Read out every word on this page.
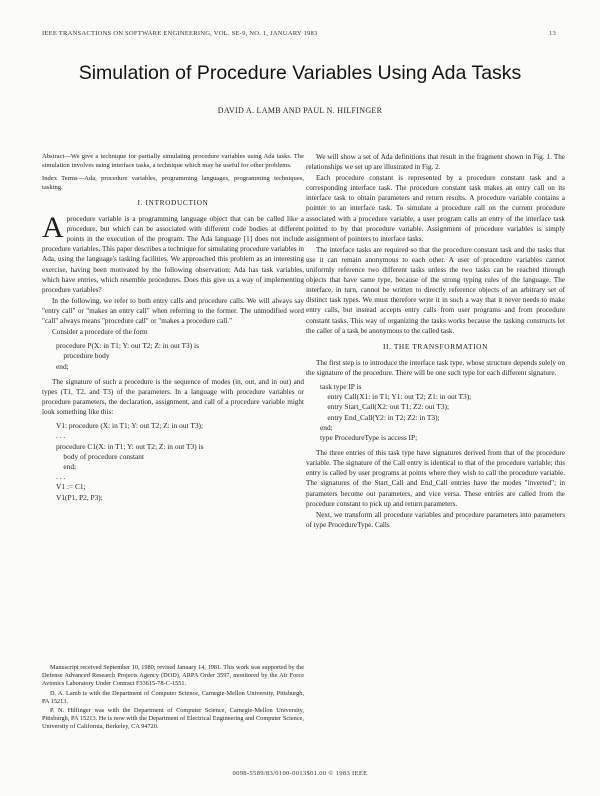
IEEE TRANSACTIONS ON SOFTWARE ENGINEERING, VOL. SE-9, NO. 1, JANUARY 1983	13
Simulation of Procedure Variables Using Ada Tasks
DAVID A. LAMB AND PAUL N. HILFINGER

Abstract—We give a technique for partially simulating procedure variables using Ada tasks. The simulation involves using interface tasks, a technique which may be useful for other problems.

Index Terms—Ada, procedure variables, programming languages, programming techniques, tasking.

I. INTRODUCTION

Aprocedure variable is a programming language object that can be called like a procedure, but which can be associated with different code bodies at different points in the execution of the program. The Ada language [1] does not include procedure variables. This paper describes a technique for simulating procedure variables in Ada, using the language's tasking facilities. We approached this problem as an interesting exercise, having been motivated by the following observation: Ada has task variables, which have entries, which resemble procedures. Does this give us a way of implementing procedure variables?

In the following, we refer to both entry calls and procedure calls. We will always say "entry call" or "makes an entry call" when referring to the former. The unmodified word "call" always means "procedure call" or "makes a procedure call."

Consider a procedure of the form

procedure P(X: in T1; Y: out T2; Z: in out T3) is
procedure body
end;

The signature of such a procedure is the sequence of modes (in, out, and in out) and types (T1, T2, and T3) of the parameters. In a language with procedure variables or procedure parameters, the declaration, assignment, and call of a procedure variable might look something like this:

V1: procedure (X: in T1; Y: out T2; Z: in out T3);
. . .
procedure C1(X: in T1; Y: out T2; Z: in out T3) is
body of procedure constant
end;
. . .
V1 := C1;
V1(P1, P2, P3);

Manuscript received September 10, 1980; revised January 14, 1981. This work was supported by the Defense Advanced Research Projects Agency (DOD), ARPA Order 3597, monitored by the Air Force Avionics Laboratory Under Contract F33615-78-C-1551.

D. A. Lamb is with the Department of Computer Science, Carnegie-Mellon University, Pittsburgh, PA 15213.

P. N. Hilfinger was with the Department of Computer Science, Carnegie-Mellon University, Pittsburgh, PA 15213. He is now with the Department of Electrical Engineering and Computer Science, University of California, Berkeley, CA 94720.

We will show a set of Ada definitions that result in the fragment shown in Fig. 1. The relationships we set up are illustrated in Fig. 2.

Each procedure constant is represented by a procedure constant task and a corresponding interface task. The procedure constant task makes an entry call on its interface task to obtain parameters and return results. A procedure variable contains a pointer to an interface task. To simulate a procedure call on the current procedure associated with a procedure variable, a user program calls an entry of the interface task pointed to by that procedure variable. Assignment of procedure variables is simply assignment of pointers to interface tasks.

The interface tasks are required so that the procedure constant task and the tasks that use it can remain anonymous to each other. A user of procedure variables cannot uniformly reference two different tasks unless the two tasks can be reached through objects that have same type, because of the strong typing rules of the language. The interface, in turn, cannot be written to directly reference objects of an arbitrary set of distinct task types. We must therefore write it in such a way that it never needs to make entry calls, but instead accepts entry calls from user programs and from procedure constant tasks. This way of organizing the tasks works because the tasking constructs let the caller of a task be anonymous to the called task.

II. THE TRANSFORMATION

The first step is to introduce the interface task type, whose structure depends solely on the signature of the procedure. There will be one such type for each different signature.

task type IP is
entry Call(X1: in T1; Y1: out T2; Z1: in out T3);
entry Start_Call(X2: out T1; Z2: out T3);
entry End_Call(Y2: in T2; Z2: in T3);
end;
type ProcedureType is access IP;

The three entries of this task type have signatures derived from that of the procedure variable. The signature of the Call entry is identical to that of the procedure variable; this entry is called by user programs at points where they wish to call the procedure variable. The signatures of the Start_Call and End_Call entries have the modes "inverted"; in parameters become out parameters, and vice versa. These entries are called from the procedure constant to pick up and return parameters.

Next, we transform all procedure variables and procedure parameters into parameters of type ProcedureType. Calls

0098-5589/83/0100-0013$01.00 © 1983 IEEE
